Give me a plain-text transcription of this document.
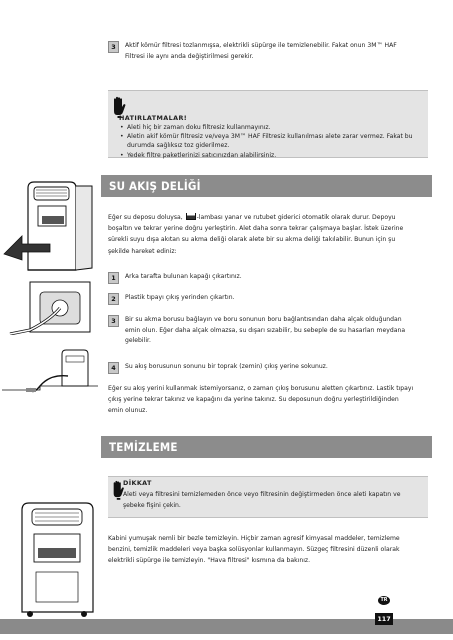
3	Aktif kömür filtresi tozlanmışsa, elektrikli süpürge ile temizlenebilir. Fakat onun 3M™ HAF Filtresi ile aynı anda değiştirilmesi gerekir.
HATIRLATMALAR!
• Aleti hiç bir zaman doku filtresiz kullanmayınız.
• Aletin akif kömür filtresiz ve/veya 3M™ HAF Filtresiz kullanılması alete zarar vermez. Fakat bu durumda sağlıksız toz giderilmez.
• Yedek filtre paketlerinizi satıcınızdan alabilirsiniz.
SU AKIŞ DELİĞİ
Eğer su deposu doluysa, -lambası yanar ve rutubet giderici otomatik olarak durur. Depoyu boşaltın ve tekrar yerine doğru yerleştirin. Alet daha sonra tekrar çalışmaya başlar. İstek üzerine sürekli suyu dışa akıtan su akma deliği olarak alete bir su akma deliği takılabilir. Bunun için şu şekilde hareket ediniz:
1	Arka tarafta bulunan kapağı çıkartınız.
2	Plastik tıpayı çıkış yerinden çıkartın.
3	Bir su akma borusu bağlayın ve boru sonunun boru bağlantısından daha alçak olduğundan emin olun. Eğer daha alçak olmazsa, su dışarı sızabilir, bu sebeple de su hasarları meydana gelebilir.
4	Su akış borusunun sonunu bir toprak (zemin) çıkış yerine sokunuz.
Eğer su akış yerini kullanmak istemiyorsanız, o zaman çıkış borusunu aletten çıkartınız. Lastik tıpayı çıkış yerine tekrar takınız ve kapağını da yerine takınız. Su deposunun doğru yerleştirildiğinden emin olunuz.
TEMİZLEME
DİKKAT
Aleti veya filtresini temizlemeden önce veyo filtresinin değiştirmeden önce aleti kapatın ve şebeke fişini çekin.
Kabini yumuşak nemli bir bezle temizleyin. Hiçbir zaman agresif kimyasal maddeler, temizleme benzini, temizlik maddeleri veya başka solüsyonlar kullanmayın. Süzgeç filtresini düzenli olarak elektrikli süpürge ile temizleyin. "Hava filtresi" kısmına da bakınız.
TR
117
